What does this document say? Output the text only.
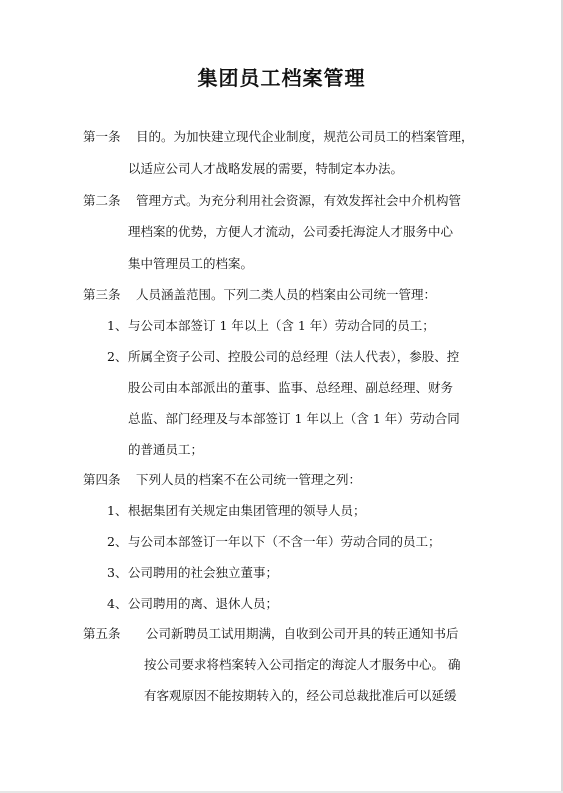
集团员工档案管理
第一条 目的。为加快建立现代企业制度，规范公司员工的档案管理，
以适应公司人才战略发展的需要，特制定本办法。
第二条 管理方式。为充分利用社会资源，有效发挥社会中介机构管
理档案的优势，方便人才流动，公司委托海淀人才服务中心
集中管理员工的档案。
第三条 人员涵盖范围。下列二类人员的档案由公司统一管理：
1、 与公司本部签订 1 年以上（含 1 年）劳动合同的员工；
2、 所属全资子公司、控股公司的总经理（法人代表），参股、控
股公司由本部派出的董事、监事、总经理、副总经理、财务
总监、部门经理及与本部签订 1 年以上（含 1 年）劳动合同
的普通员工；
第四条 下列人员的档案不在公司统一管理之列：
1、 根据集团有关规定由集团管理的领导人员；
2、 与公司本部签订一年以下（不含一年）劳动合同的员工；
3、 公司聘用的社会独立董事；
4、 公司聘用的离、退休人员；
第五条 公司新聘员工试用期满，自收到公司开具的转正通知书后
按公司要求将档案转入公司指定的海淀人才服务中心。 确
有客观原因不能按期转入的，经公司总裁批准后可以延缓
